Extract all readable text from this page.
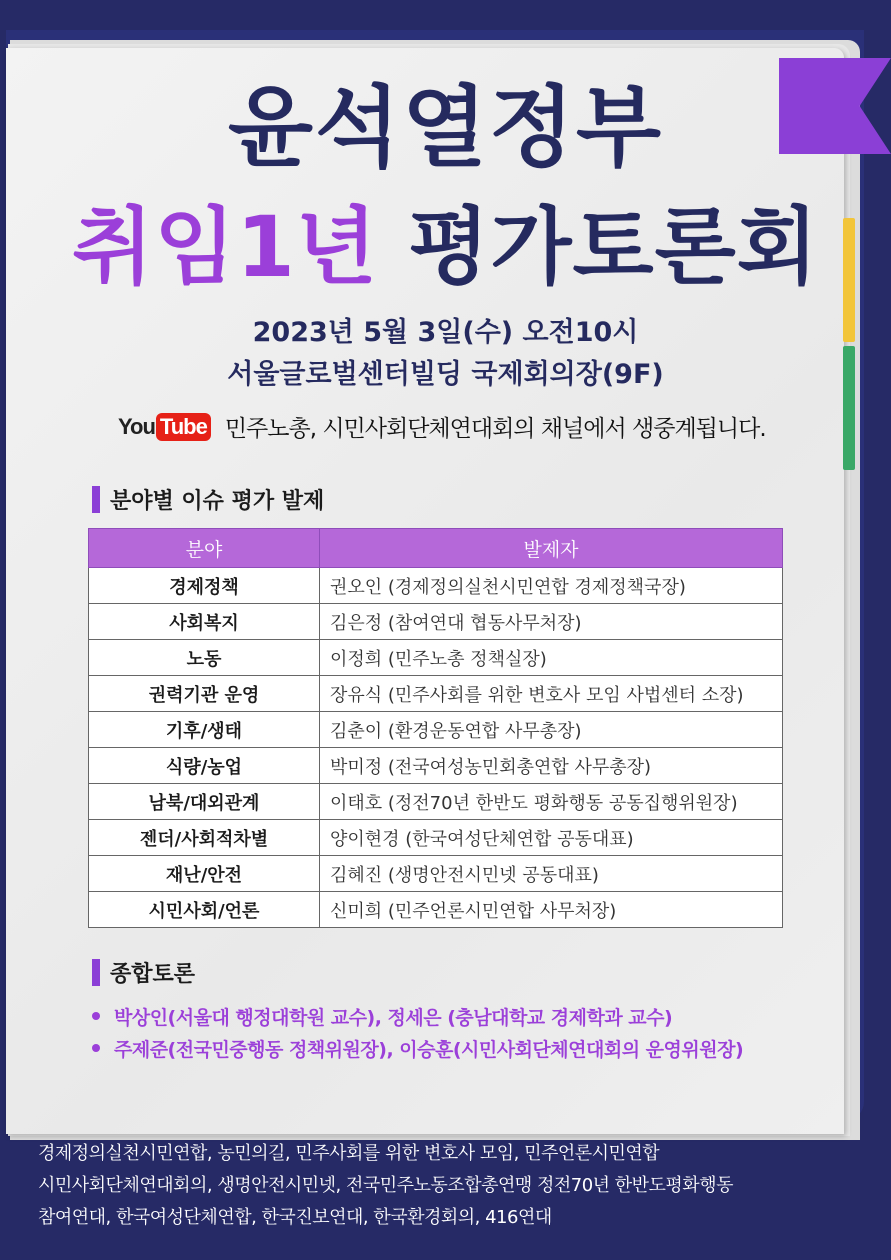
윤석열정부
취임1년 평가토론회
2023년 5월 3일(수) 오전10시
서울글로벌센터빌딩 국제회의장(9F)
You Tube 민주노총, 시민사회단체연대회의 채널에서 생중계됩니다.
분야별 이슈 평가 발제
분야	발제자
경제정책	권오인 (경제정의실천시민연합 경제정책국장)
사회복지	김은정 (참여연대 협동사무처장)
노동	이정희 (민주노총 정책실장)
권력기관 운영	장유식 (민주사회를 위한 변호사 모임 사법센터 소장)
기후/생태	김춘이 (환경운동연합 사무총장)
식량/농업	박미정 (전국여성농민회총연합 사무총장)
남북/대외관계	이태호 (정전70년 한반도 평화행동 공동집행위원장)
젠더/사회적차별	양이현경 (한국여성단체연합 공동대표)
재난/안전	김혜진 (생명안전시민넷 공동대표)
시민사회/언론	신미희 (민주언론시민연합 사무처장)
종합토론
박상인(서울대 행정대학원 교수), 정세은 (충남대학교 경제학과 교수)
주제준(전국민중행동 정책위원장), 이승훈(시민사회단체연대회의 운영위원장)
경제정의실천시민연합, 농민의길, 민주사회를 위한 변호사 모임, 민주언론시민연합
시민사회단체연대회의, 생명안전시민넷, 전국민주노동조합총연맹 정전70년 한반도평화행동
참여연대, 한국여성단체연합, 한국진보연대, 한국환경회의, 416연대
